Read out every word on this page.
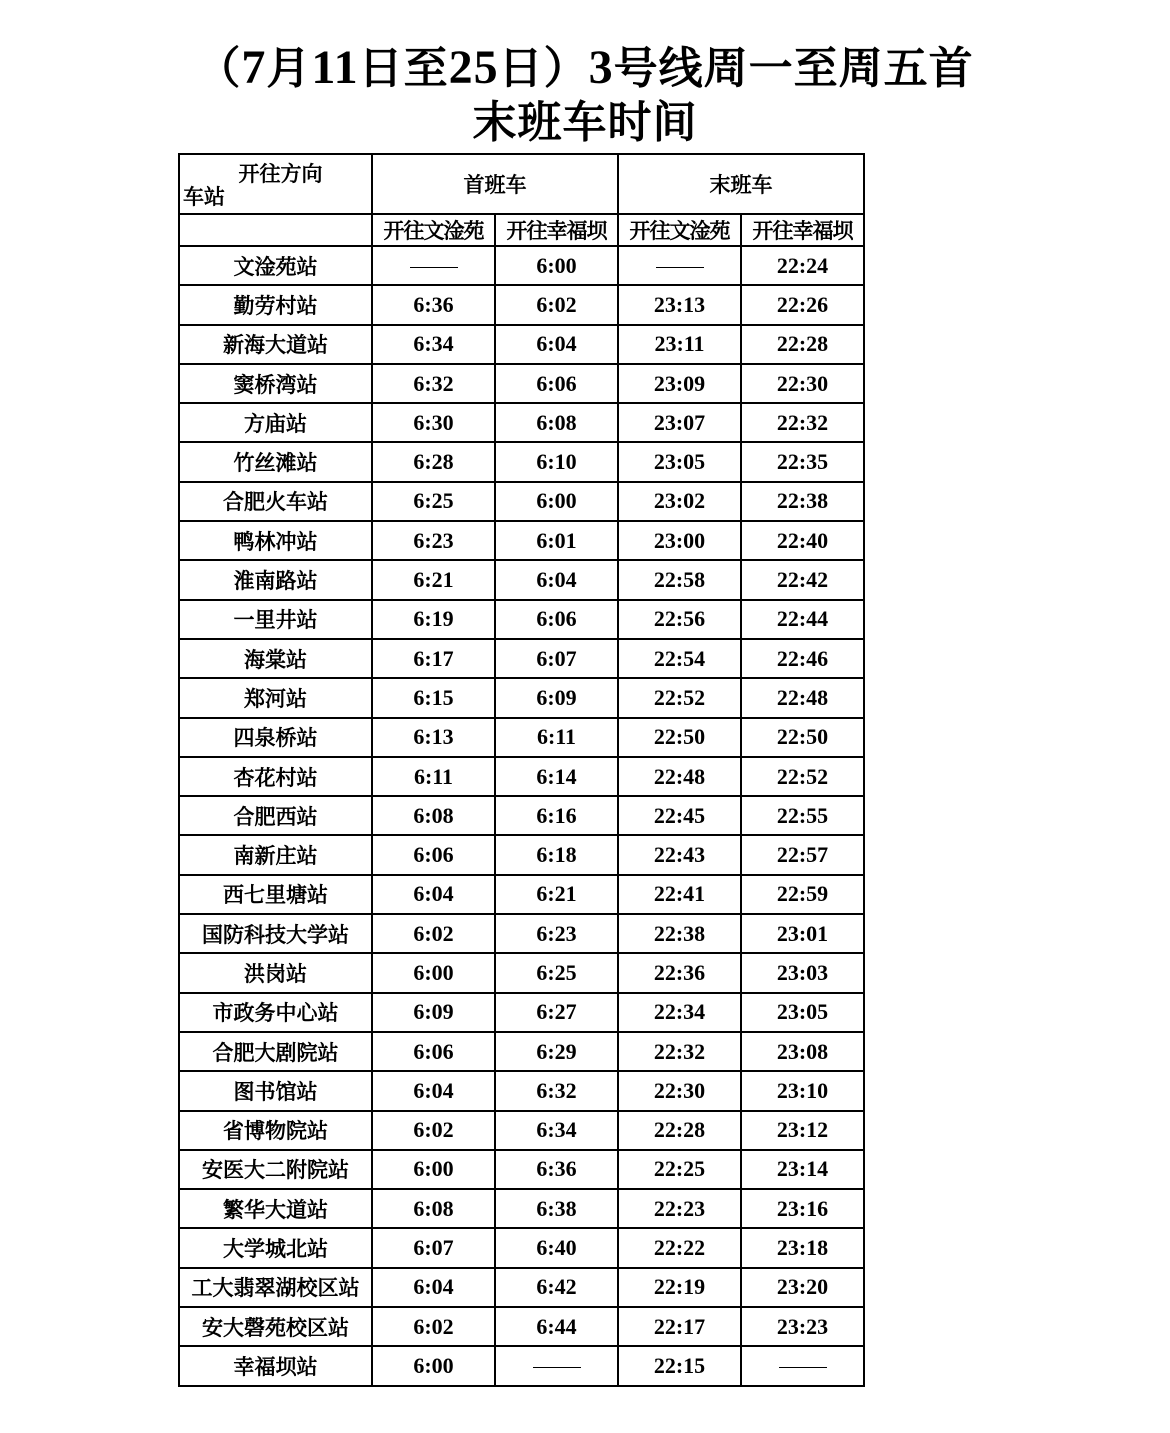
（7月11日至25日）3号线周一至周五首
末班车时间
开往方向
车站	首班车		末班车	
	开往文淦苑	开往幸福坝	开往文淦苑	开往幸福坝
文淦苑站		6:00		22:24
勤劳村站	6:36	6:02	23:13	22:26
新海大道站	6:34	6:04	23:11	22:28
窦桥湾站	6:32	6:06	23:09	22:30
方庙站	6:30	6:08	23:07	22:32
竹丝滩站	6:28	6:10	23:05	22:35
合肥火车站	6:25	6:00	23:02	22:38
鸭林冲站	6:23	6:01	23:00	22:40
淮南路站	6:21	6:04	22:58	22:42
一里井站	6:19	6:06	22:56	22:44
海棠站	6:17	6:07	22:54	22:46
郑河站	6:15	6:09	22:52	22:48
四泉桥站	6:13	6:11	22:50	22:50
杏花村站	6:11	6:14	22:48	22:52
合肥西站	6:08	6:16	22:45	22:55
南新庄站	6:06	6:18	22:43	22:57
西七里塘站	6:04	6:21	22:41	22:59
国防科技大学站	6:02	6:23	22:38	23:01
洪岗站	6:00	6:25	22:36	23:03
市政务中心站	6:09	6:27	22:34	23:05
合肥大剧院站	6:06	6:29	22:32	23:08
图书馆站	6:04	6:32	22:30	23:10
省博物院站	6:02	6:34	22:28	23:12
安医大二附院站	6:00	6:36	22:25	23:14
繁华大道站	6:08	6:38	22:23	23:16
大学城北站	6:07	6:40	22:22	23:18
工大翡翠湖校区站	6:04	6:42	22:19	23:20
安大磬苑校区站	6:02	6:44	22:17	23:23
幸福坝站	6:00		22:15	
